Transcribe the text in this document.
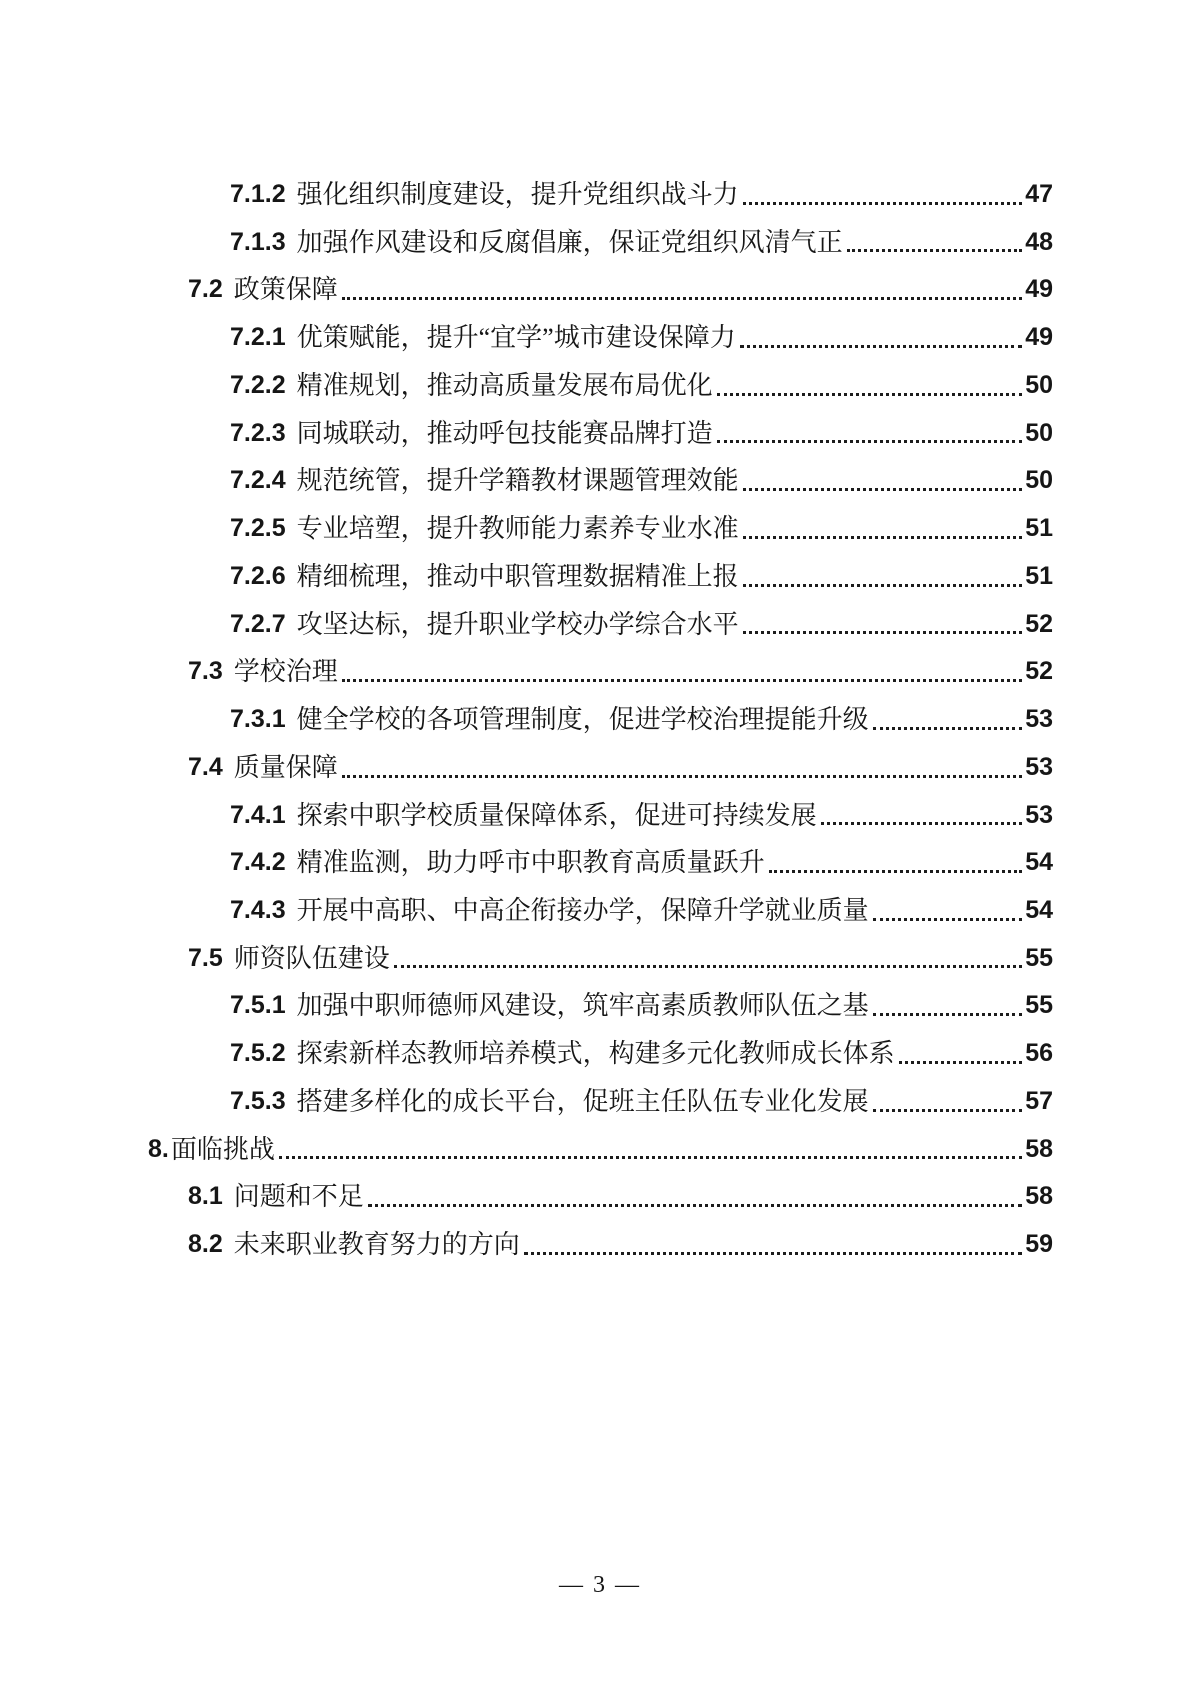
7.1.2 强化组织制度建设，提升党组织战斗力	47
7.1.3 加强作风建设和反腐倡廉，保证党组织风清气正	48
7.2 政策保障	49
7.2.1 优策赋能，提升“宜学”城市建设保障力	49
7.2.2 精准规划，推动高质量发展布局优化	50
7.2.3 同城联动，推动呼包技能赛品牌打造	50
7.2.4 规范统管，提升学籍教材课题管理效能	50
7.2.5 专业培塑，提升教师能力素养专业水准	51
7.2.6 精细梳理，推动中职管理数据精准上报	51
7.2.7 攻坚达标，提升职业学校办学综合水平	52
7.3 学校治理	52
7.3.1 健全学校的各项管理制度，促进学校治理提能升级	53
7.4 质量保障	53
7.4.1 探索中职学校质量保障体系，促进可持续发展	53
7.4.2 精准监测，助力呼市中职教育高质量跃升	54
7.4.3 开展中高职、中高企衔接办学，保障升学就业质量	54
7.5 师资队伍建设	55
7.5.1 加强中职师德师风建设，筑牢高素质教师队伍之基	55
7.5.2 探索新样态教师培养模式，构建多元化教师成长体系	56
7.5.3 搭建多样化的成长平台，促班主任队伍专业化发展	57
8. 面临挑战	58
8.1 问题和不足	58
8.2 未来职业教育努力的方向	59
— 3 —
